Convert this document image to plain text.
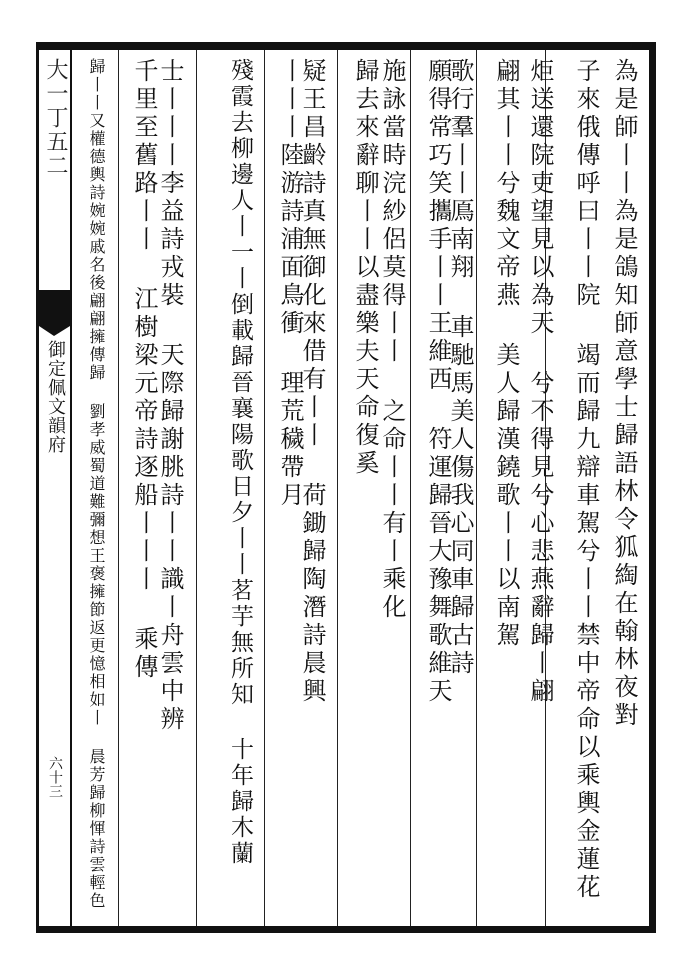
大一丁五二
御定佩文韻府
六十三
為是師丨丨為是鴿知師意學士歸語林令狐綯在翰林夜對
子來俄傳呼曰丨丨院 竭而歸九辯車駕兮丨丨禁中帝命以乘輿金蓮花
炬送還院吏望見以為天 兮不得見兮心悲燕辭歸丨翩
翩其丨丨兮魏文帝燕 美人歸漢鐃歌丨丨以南駕
歌行羣丨丨鳫南翔 車馳馬美人傷我心同車歸古詩
願得常巧笑攜手丨丨王維西 符運歸晉大豫舞歌維天
施詠當時浣紗侶莫得丨丨 之命丨丨有丨乘化
歸去來辭聊丨丨以盡樂夫天命復奚
疑王昌齡詩真無御化來借有丨丨 荷鋤歸陶潛詩晨興
丨丨丨陸游詩浦面鳥衝 理荒穢帶月
殘霞去柳邊人丨一丨倒載歸晉襄陽歌日夕丨丨茗芋無所知 十年歸木蘭
士丨丨丨李益詩戎裝 天際歸謝朓詩丨丨識丨舟雲中辨
千里至舊路丨丨 江樹梁元帝詩逐船丨丨丨 乘傳
歸丨丨又權德輿詩婉婉戚名後翩翩擁傳歸 劉孝威蜀道難彌想王褒擁節返更憶相如丨 晨芳歸柳惲詩雲輕色
